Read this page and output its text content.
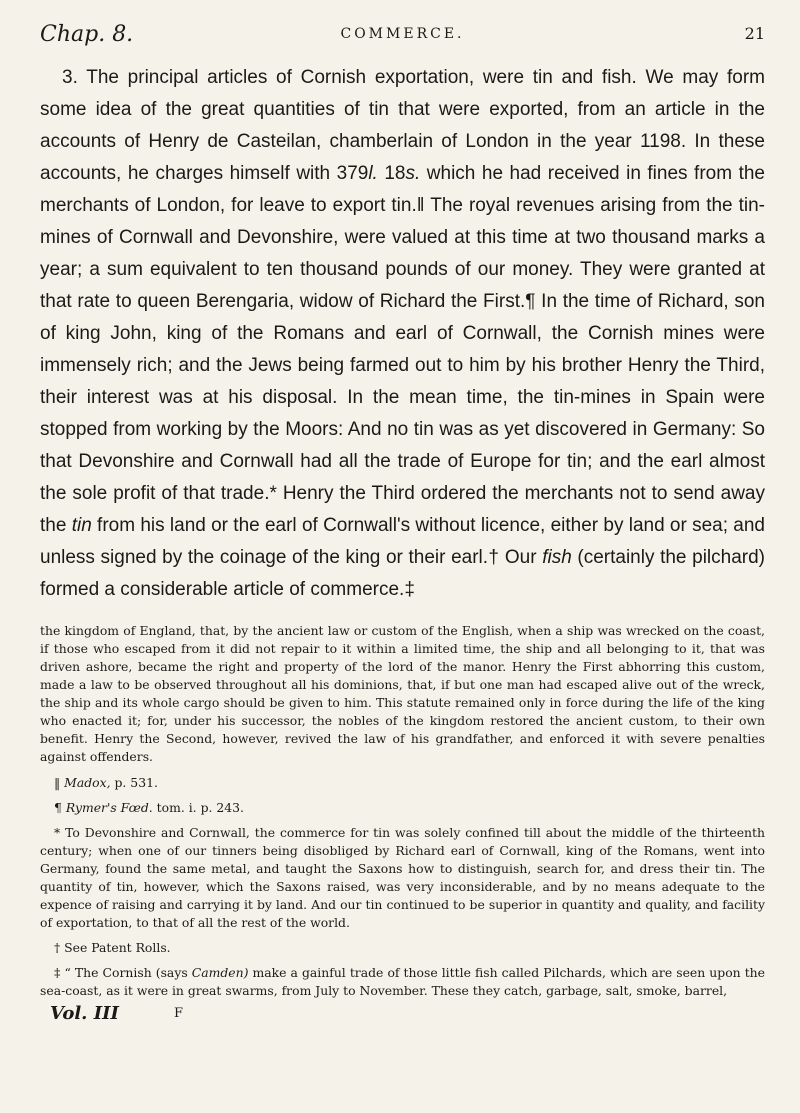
Chap. 8.	COMMERCE.	21

3. The principal articles of Cornish exportation, were tin and fish. We may form some idea of the great quantities of tin that were exported, from an article in the accounts of Henry de Casteilan, chamberlain of London in the year 1198. In these accounts, he charges himself with 379l. 18s. which he had received in fines from the merchants of London, for leave to export tin.‖ The royal revenues arising from the tin-mines of Cornwall and Devonshire, were valued at this time at two thousand marks a year; a sum equivalent to ten thousand pounds of our money. They were granted at that rate to queen Berengaria, widow of Richard the First.¶ In the time of Richard, son of king John, king of the Romans and earl of Cornwall, the Cornish mines were immensely rich; and the Jews being farmed out to him by his brother Henry the Third, their interest was at his disposal. In the mean time, the tin-mines in Spain were stopped from working by the Moors: And no tin was as yet discovered in Germany: So that Devonshire and Cornwall had all the trade of Europe for tin; and the earl almost the sole profit of that trade.* Henry the Third ordered the merchants not to send away the tin from his land or the earl of Cornwall's without licence, either by land or sea; and unless signed by the coinage of the king or their earl.† Our fish (certainly the pilchard) formed a considerable article of commerce.‡

the kingdom of England, that, by the ancient law or custom of the English, when a ship was wrecked on the coast, if those who escaped from it did not repair to it within a limited time, the ship and all belonging to it, that was driven ashore, became the right and property of the lord of the manor. Henry the First abhorring this custom, made a law to be observed throughout all his dominions, that, if but one man had escaped alive out of the wreck, the ship and its whole cargo should be given to him. This statute remained only in force during the life of the king who enacted it; for, under his successor, the nobles of the kingdom restored the ancient custom, to their own benefit. Henry the Second, however, revived the law of his grandfather, and enforced it with severe penalties against offenders.

‖ Madox, p. 531.

¶ Rymer's Fœd. tom. i. p. 243.

* To Devonshire and Cornwall, the commerce for tin was solely confined till about the middle of the thirteenth century; when one of our tinners being disobliged by Richard earl of Cornwall, king of the Romans, went into Germany, found the same metal, and taught the Saxons how to distinguish, search for, and dress their tin. The quantity of tin, however, which the Saxons raised, was very inconsiderable, and by no means adequate to the expence of raising and carrying it by land. And our tin continued to be superior in quantity and quality, and facility of exportation, to that of all the rest of the world.

† See Patent Rolls.

‡ “ The Cornish (says Camden) make a gainful trade of those little fish called Pilchards, which are seen upon the sea-coast, as it were in great swarms, from July to November. These they catch, garbage, salt, smoke, barrel,

Vol. III	F
